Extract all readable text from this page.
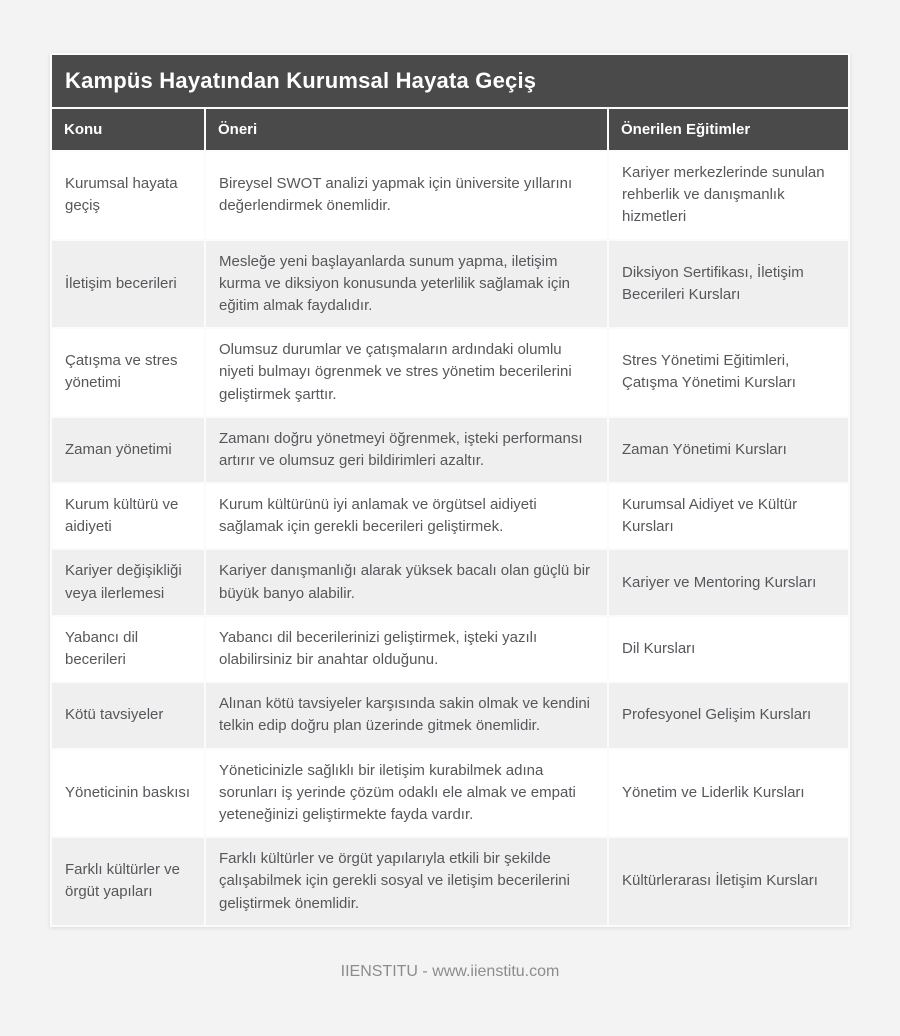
Kampüs Hayatından Kurumsal Hayata Geçiş
Konu	Öneri	Önerilen Eğitimler
Kurumsal hayata geçiş
Bireysel SWOT analizi yapmak için üniversite yıllarını değerlendirmek önemlidir.
Kariyer merkezlerinde sunulan rehberlik ve danışmanlık hizmetleri
İletişim becerileri
Mesleğe yeni başlayanlarda sunum yapma, iletişim kurma ve diksiyon konusunda yeterlilik sağlamak için eğitim almak faydalıdır.
Diksiyon Sertifikası, İletişim Becerileri Kursları
Çatışma ve stres yönetimi
Olumsuz durumlar ve çatışmaların ardındaki olumlu niyeti bulmayı ögrenmek ve stres yönetim becerilerini geliştirmek şarttır.
Stres Yönetimi Eğitimleri, Çatışma Yönetimi Kursları
Zaman yönetimi
Zamanı doğru yönetmeyi öğrenmek, işteki performansı artırır ve olumsuz geri bildirimleri azaltır.
Zaman Yönetimi Kursları
Kurum kültürü ve aidiyeti
Kurum kültürünü iyi anlamak ve örgütsel aidiyeti sağlamak için gerekli becerileri geliştirmek.
Kurumsal Aidiyet ve Kültür Kursları
Kariyer değişikliği veya ilerlemesi
Kariyer danışmanlığı alarak yüksek bacalı olan güçlü bir büyük banyo alabilir.
Kariyer ve Mentoring Kursları
Yabancı dil becerileri
Yabancı dil becerilerinizi geliştirmek, işteki yazılı olabilirsiniz bir anahtar olduğunu.
Dil Kursları
Kötü tavsiyeler
Alınan kötü tavsiyeler karşısında sakin olmak ve kendini telkin edip doğru plan üzerinde gitmek önemlidir.
Profesyonel Gelişim Kursları
Yöneticinin baskısı
Yöneticinizle sağlıklı bir iletişim kurabilmek adına sorunları iş yerinde çözüm odaklı ele almak ve empati yeteneğinizi geliştirmekte fayda vardır.
Yönetim ve Liderlik Kursları
Farklı kültürler ve örgüt yapıları
Farklı kültürler ve örgüt yapılarıyla etkili bir şekilde çalışabilmek için gerekli sosyal ve iletişim becerilerini geliştirmek önemlidir.
Kültürlerarası İletişim Kursları
IIENSTITU - www.iienstitu.com
